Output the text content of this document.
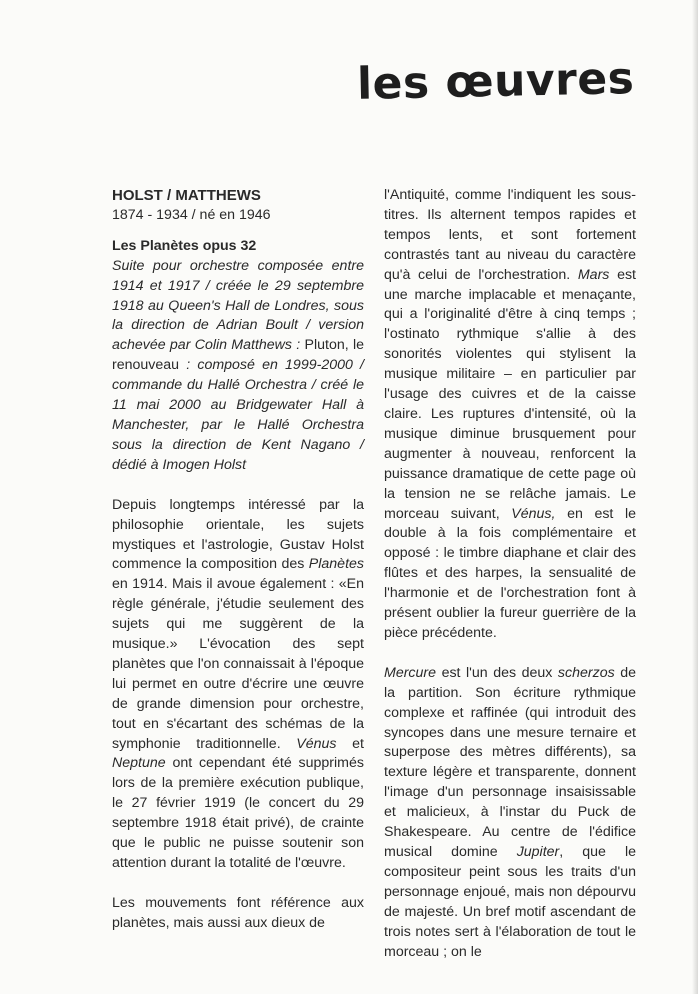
les œuvres

HOLST / MATTHEWS

1874 - 1934 / né en 1946

Les Planètes opus 32

Suite pour orchestre composée entre 1914 et 1917 / créée le 29 septembre 1918 au Queen's Hall de Londres, sous la direction de Adrian Boult / version achevée par Colin Matthews : Pluton, le renouveau : composé en 1999-2000 / commande du Hallé Orchestra / créé le 11 mai 2000 au Bridgewater Hall à Manchester, par le Hallé Orchestra sous la direction de Kent Nagano / dédié à Imogen Holst

Depuis longtemps intéressé par la philosophie orientale, les sujets mystiques et l'astrologie, Gustav Holst commence la composition des Planètes en 1914. Mais il avoue également : «En règle générale, j'étudie seulement des sujets qui me suggèrent de la musique.» L'évocation des sept planètes que l'on connaissait à l'époque lui permet en outre d'écrire une œuvre de grande dimension pour orchestre, tout en s'écartant des schémas de la symphonie traditionnelle. Vénus et Neptune ont cependant été supprimés lors de la première exécution publique, le 27 février 1919 (le concert du 29 septembre 1918 était privé), de crainte que le public ne puisse soutenir son attention durant la totalité de l'œuvre.

Les mouvements font référence aux planètes, mais aussi aux dieux de

l'Antiquité, comme l'indiquent les sous-titres. Ils alternent tempos rapides et tempos lents, et sont fortement contrastés tant au niveau du caractère qu'à celui de l'orchestration. Mars est une marche implacable et menaçante, qui a l'originalité d'être à cinq temps ; l'ostinato rythmique s'allie à des sonorités violentes qui stylisent la musique militaire – en particulier par l'usage des cuivres et de la caisse claire. Les ruptures d'intensité, où la musique diminue brusquement pour augmenter à nouveau, renforcent la puissance dramatique de cette page où la tension ne se relâche jamais. Le morceau suivant, Vénus, en est le double à la fois complémentaire et opposé : le timbre diaphane et clair des flûtes et des harpes, la sensualité de l'harmonie et de l'orchestration font à présent oublier la fureur guerrière de la pièce précédente.

Mercure est l'un des deux scherzos de la partition. Son écriture rythmique complexe et raffinée (qui introduit des syncopes dans une mesure ternaire et superpose des mètres différents), sa texture légère et transparente, donnent l'image d'un personnage insaisissable et malicieux, à l'instar du Puck de Shakespeare. Au centre de l'édifice musical domine Jupiter, que le compositeur peint sous les traits d'un personnage enjoué, mais non dépourvu de majesté. Un bref motif ascendant de trois notes sert à l'élaboration de tout le morceau ; on le
